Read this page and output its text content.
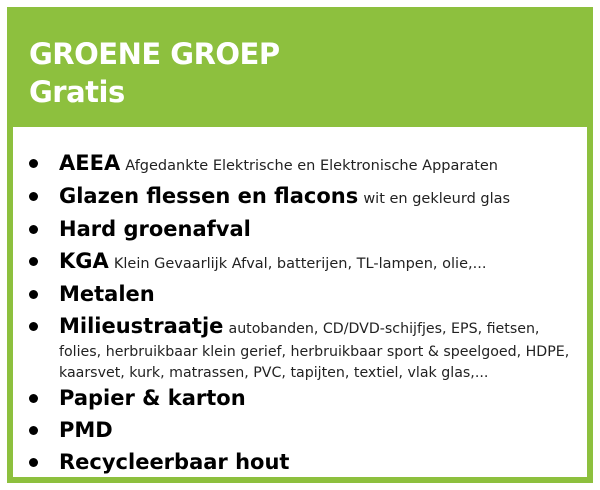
GROENE GROEP
Gratis
AEEA Afgedankte Elektrische en Elektronische Apparaten
Glazen flessen en flacons wit en gekleurd glas
Hard groenafval
KGA Klein Gevaarlijk Afval, batterijen, TL-lampen, olie,...
Metalen
Milieustraatje autobanden, CD/DVD-schijfjes, EPS, fietsen, folies, herbruikbaar klein gerief, herbruikbaar sport & speelgoed, HDPE, kaarsvet, kurk, matrassen, PVC, tapijten, textiel, vlak glas,...
Papier & karton
PMD
Recycleerbaar hout
